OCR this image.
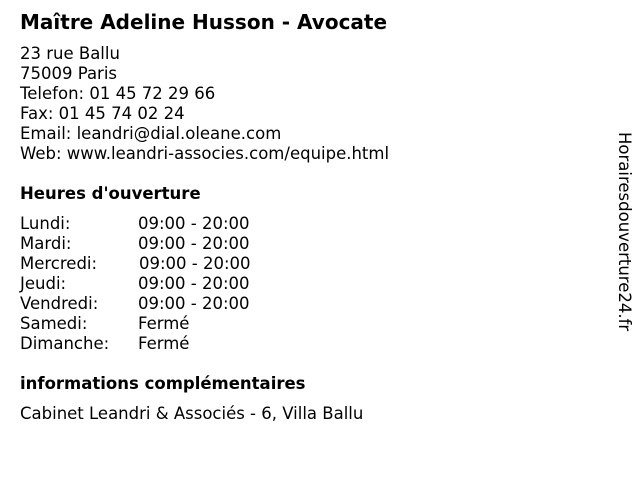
Maître Adeline Husson - Avocate
23 rue Ballu
75009 Paris
Telefon: 01 45 72 29 66
Fax: 01 45 74 02 24
Email: leandri@dial.oleane.com
Web: www.leandri-associes.com/equipe.html
Heures d'ouverture
Lundi:	09:00 - 20:00
Mardi:	09:00 - 20:00
Mercredi:	09:00 - 20:00
Jeudi:	09:00 - 20:00
Vendredi: 09:00 - 20:00
Samedi:	Fermé
Dimanche: Fermé
informations complémentaires
Cabinet Leandri & Associés - 6, Villa Ballu
Horairesdouverture24.fr
